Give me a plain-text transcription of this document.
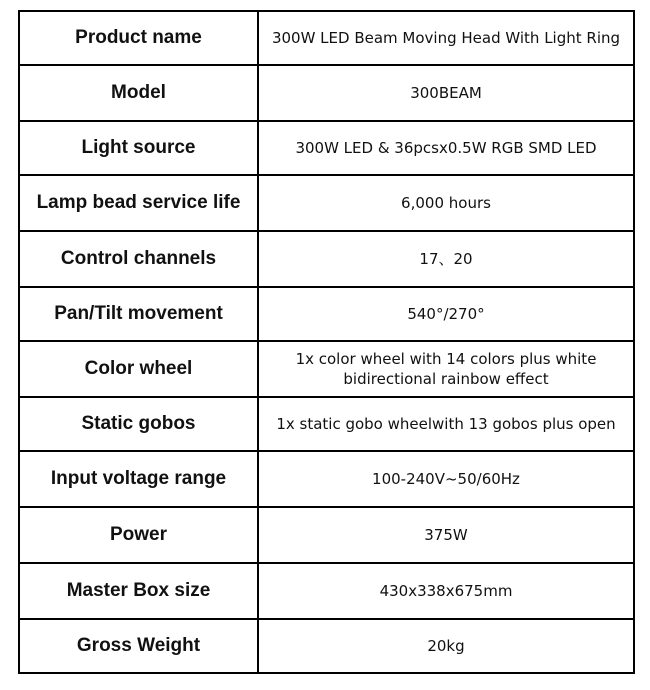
Product name	300W LED Beam Moving Head With Light Ring
Model	300BEAM
Light source	300W LED & 36pcsx0.5W RGB SMD LED
Lamp bead service life	6,000 hours
Control channels	17、20
Pan/Tilt movement	540°/270°
Color wheel	1x color wheel with 14 colors plus white
bidirectional rainbow effect

Static gobos	1x static gobo wheelwith 13 gobos plus open
Input voltage range	100-240V~50/60Hz
Power	375W
Master Box size	430x338x675mm
Gross Weight	20kg
